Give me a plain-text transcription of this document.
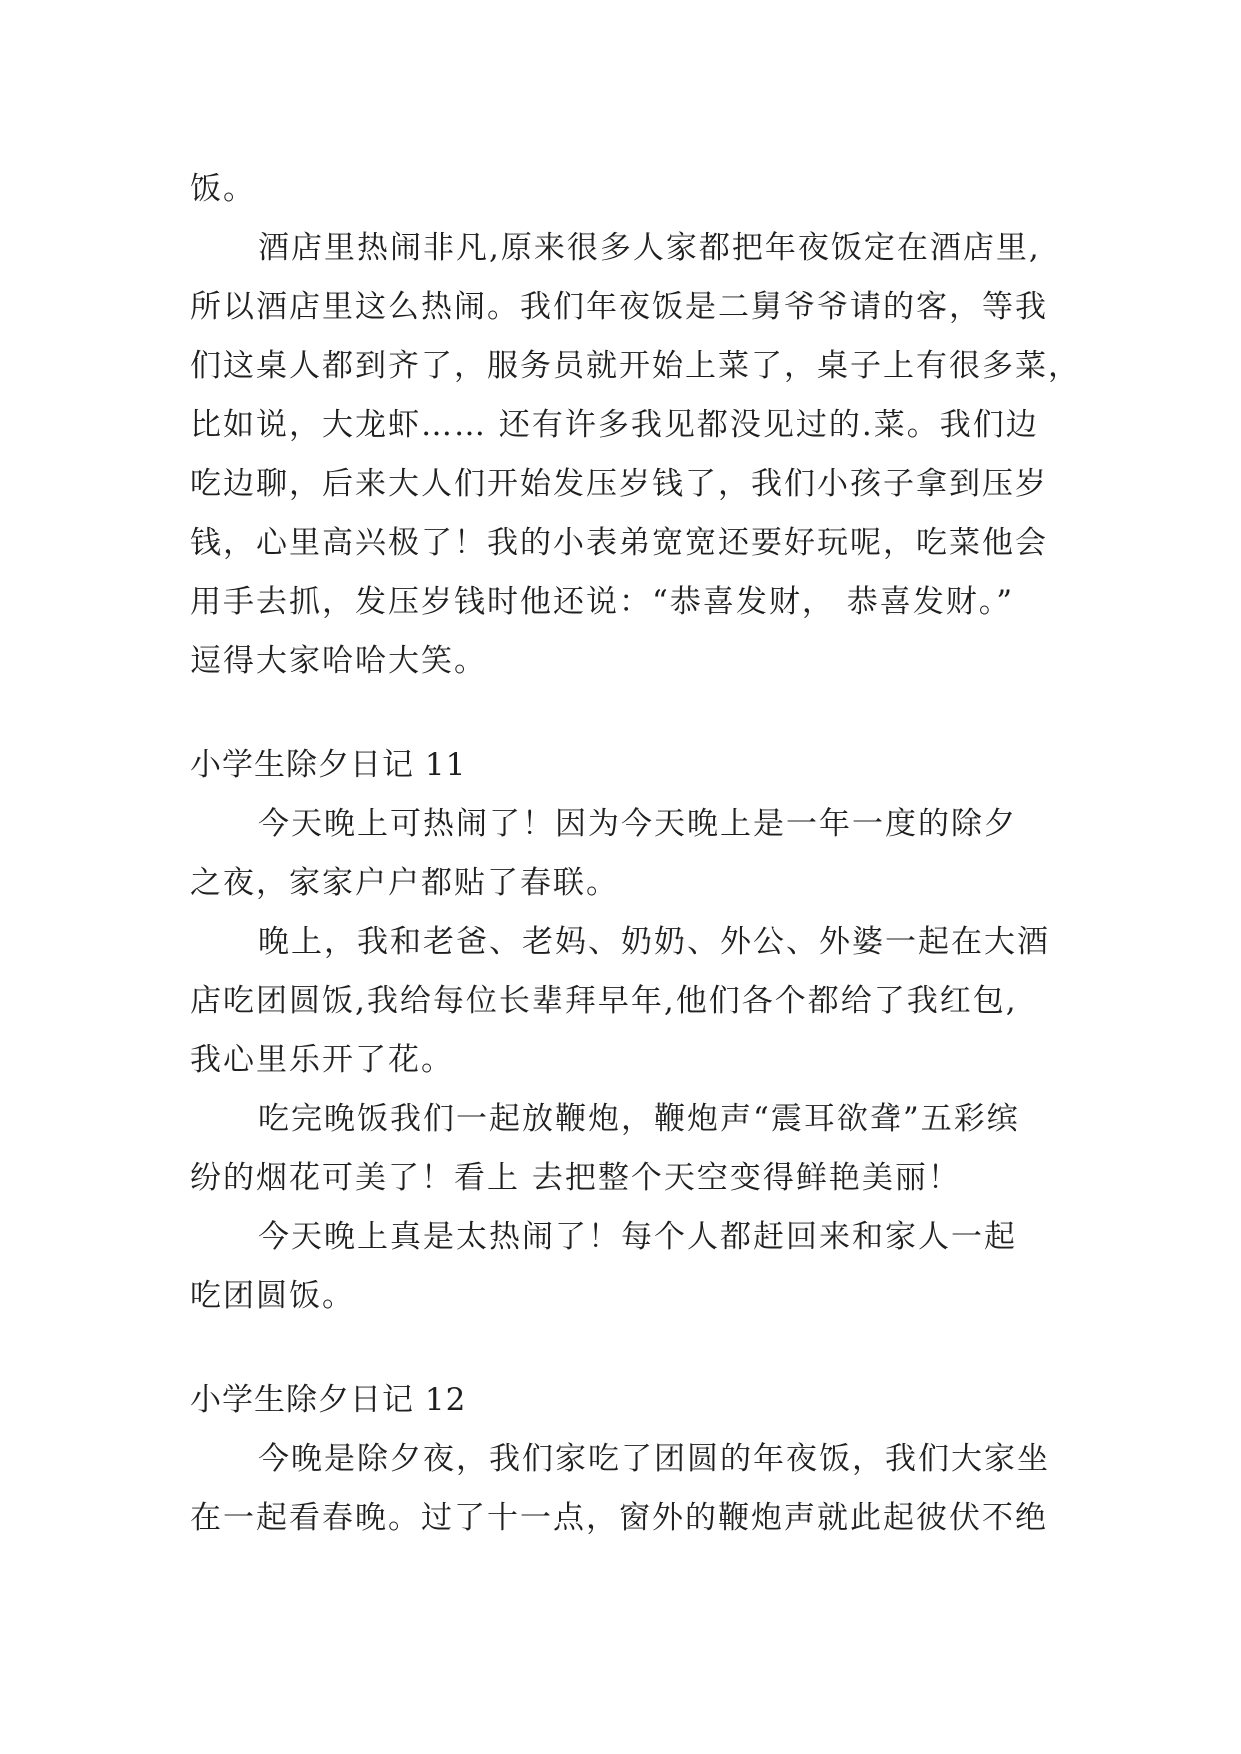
饭。
酒店里热闹非凡,原来很多人家都把年夜饭定在酒店里,
所以酒店里这么热闹。我们年夜饭是二舅爷爷请的客，等我
们这桌人都到齐了，服务员就开始上菜了，桌子上有很多菜，
比如说，大龙虾…… 还有许多我见都没见过的.菜。我们边
吃边聊，后来大人们开始发压岁钱了，我们小孩子拿到压岁
钱，心里高兴极了！我的小表弟宽宽还要好玩呢，吃菜他会
用手去抓，发压岁钱时他还说：“恭喜发财， 恭喜发财。”
逗得大家哈哈大笑。
小学生除夕日记 11
今天晚上可热闹了！因为今天晚上是一年一度的除夕
之夜，家家户户都贴了春联。
晚上，我和老爸、老妈、奶奶、外公、外婆一起在大酒
店吃团圆饭,我给每位长辈拜早年,他们各个都给了我红包,
我心里乐开了花。
吃完晚饭我们一起放鞭炮，鞭炮声“震耳欲聋”五彩缤
纷的烟花可美了！看上 去把整个天空变得鲜艳美丽！
今天晚上真是太热闹了！每个人都赶回来和家人一起
吃团圆饭。
小学生除夕日记 12
今晚是除夕夜，我们家吃了团圆的年夜饭，我们大家坐
在一起看春晚。过了十一点，窗外的鞭炮声就此起彼伏不绝
